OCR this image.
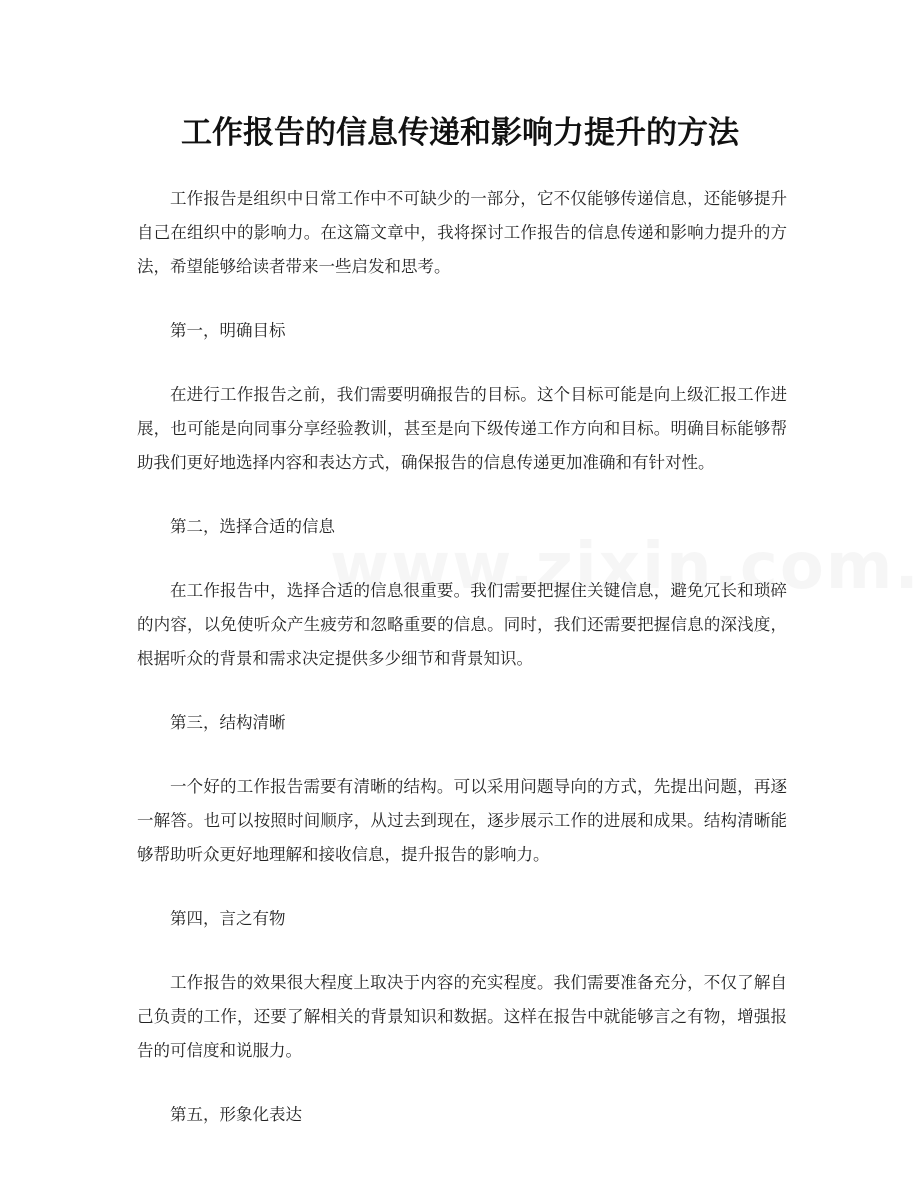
工作报告的信息传递和影响力提升的方法

工作报告是组织中日常工作中不可缺少的一部分，它不仅能够传递信息，还能够提升自己在组织中的影响力。在这篇文章中，我将探讨工作报告的信息传递和影响力提升的方法，希望能够给读者带来一些启发和思考。

第一，明确目标

在进行工作报告之前，我们需要明确报告的目标。这个目标可能是向上级汇报工作进展，也可能是向同事分享经验教训，甚至是向下级传递工作方向和目标。明确目标能够帮助我们更好地选择内容和表达方式，确保报告的信息传递更加准确和有针对性。

第二，选择合适的信息

在工作报告中，选择合适的信息很重要。我们需要把握住关键信息，避免冗长和琐碎的内容，以免使听众产生疲劳和忽略重要的信息。同时，我们还需要把握信息的深浅度，根据听众的背景和需求决定提供多少细节和背景知识。

第三，结构清晰

一个好的工作报告需要有清晰的结构。可以采用问题导向的方式，先提出问题，再逐一解答。也可以按照时间顺序，从过去到现在，逐步展示工作的进展和成果。结构清晰能够帮助听众更好地理解和接收信息，提升报告的影响力。

第四，言之有物

工作报告的效果很大程度上取决于内容的充实程度。我们需要准备充分，不仅了解自己负责的工作，还要了解相关的背景知识和数据。这样在报告中就能够言之有物，增强报告的可信度和说服力。

第五，形象化表达
